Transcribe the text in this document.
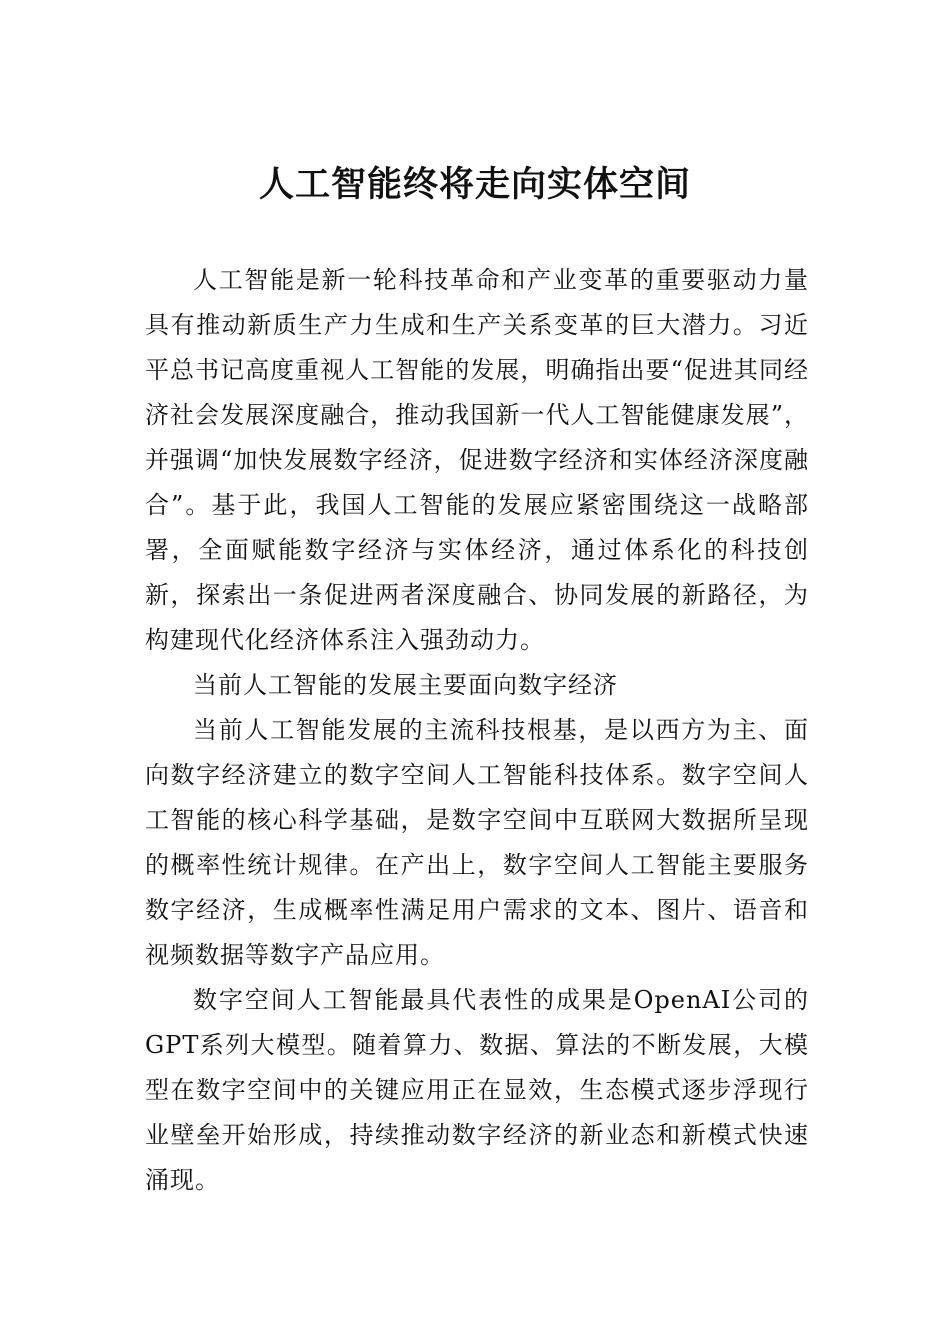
人工智能终将走向实体空间

人工智能是新一轮科技革命和产业变革的重要驱动力量具有推动新质生产力生成和生产关系变革的巨大潜力。习近平总书记高度重视人工智能的发展，明确指出要“促进其同经济社会发展深度融合，推动我国新一代人工智能健康发展”，并强调“加快发展数字经济，促进数字经济和实体经济深度融合”。基于此，我国人工智能的发展应紧密围绕这一战略部署，全面赋能数字经济与实体经济，通过体系化的科技创新，探索出一条促进两者深度融合、协同发展的新路径，为构建现代化经济体系注入强劲动力。

当前人工智能的发展主要面向数字经济

当前人工智能发展的主流科技根基，是以西方为主、面向数字经济建立的数字空间人工智能科技体系。数字空间人工智能的核心科学基础，是数字空间中互联网大数据所呈现的概率性统计规律。在产出上，数字空间人工智能主要服务数字经济，生成概率性满足用户需求的文本、图片、语音和视频数据等数字产品应用。

数字空间人工智能最具代表性的成果是OpenAI公司的GPT系列大模型。随着算力、数据、算法的不断发展，大模型在数字空间中的关键应用正在显效，生态模式逐步浮现行业壁垒开始形成，持续推动数字经济的新业态和新模式快速涌现。
